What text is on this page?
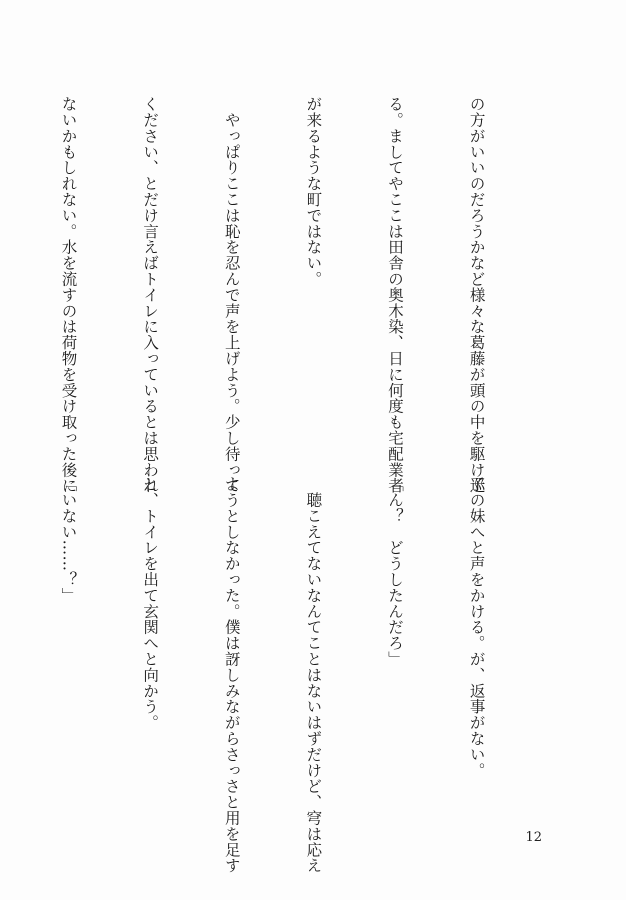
の方がいいのだろうかなど様々な葛藤が頭の中を駆け巡

る。ましてやここは田舎の奥木染、日に何度も宅配業者

が来るような町ではない。

　やっぱりここは恥を忍んで声を上げよう。少し待って

ください、とだけ言えばトイレに入っているとは思われ

ないかもしれない。水を流すのは荷物を受け取った後に

子の妹へと声をかける。が、返事がない。

「ん？　どうしたんだろ」

　聴こえてないなんてことはないはずだけど、穹は応え

ようとしなかった。僕は訝しみながらさっさと用を足す

と、トイレを出て玄関へと向かう。

「いない……？」

12
